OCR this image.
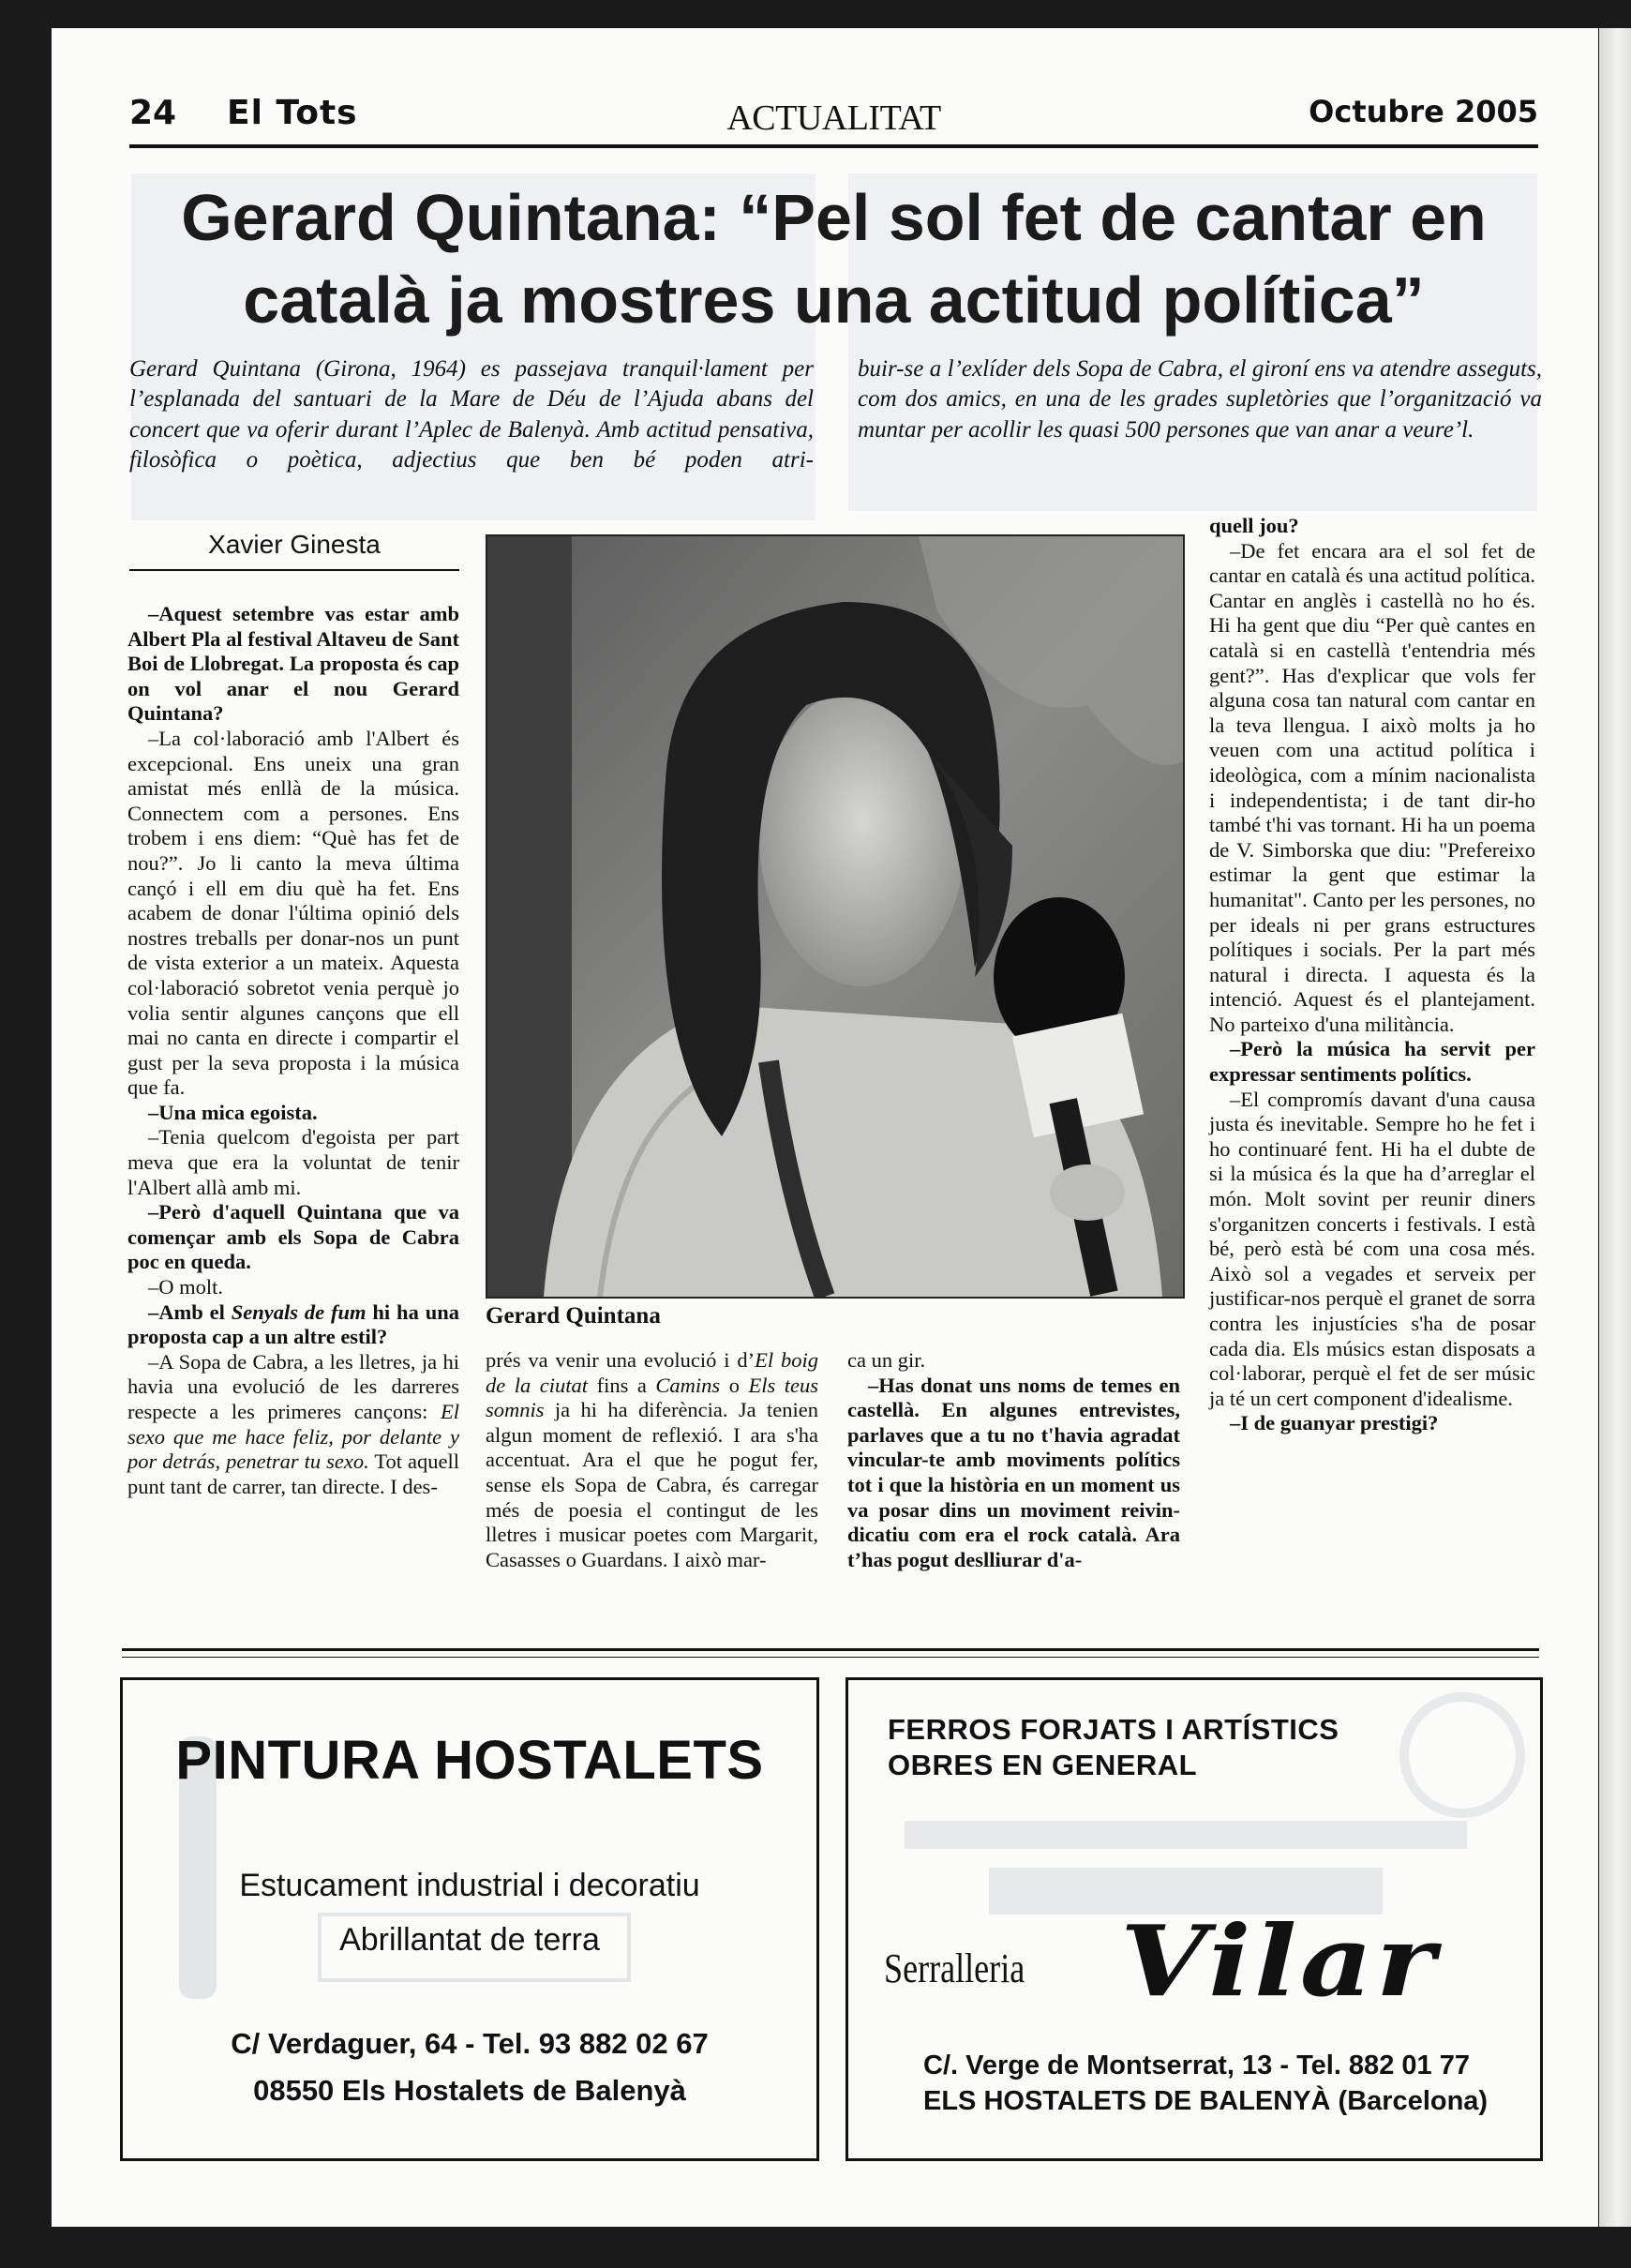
24 El Tots	ACTUALITAT	Octubre 2005
Gerard Quintana: “Pel sol fet de cantar en
català ja mostres una actitud política”

Gerard Quintana (Girona, 1964) es passejava tranquil·lament per l’esplanada del santuari de la Mare de Déu de l’Ajuda abans del concert que va oferir durant l’Aplec de Balenyà. Amb actitud pensativa, filosòfica o poètica, adjectius que ben bé poden atri-

buir-se a l’exlíder dels Sopa de Cabra, el gironí ens va atendre asseguts, com dos amics, en una de les grades supletòries que l’organització va muntar per acollir les quasi 500 persones que van anar a veure’l.

Xavier Ginesta
–Aquest setembre vas estar amb Albert Pla al festival Altaveu de Sant Boi de Llobregat. La proposta és cap on vol anar el nou Gerard Quintana?

–La col·laboració amb l'Albert és excepcional. Ens uneix una gran amistat més enllà de la música. Connectem com a persones. Ens trobem i ens diem: “Què has fet de nou?”. Jo li canto la meva última cançó i ell em diu què ha fet. Ens acabem de donar l'última opinió dels nostres treballs per donar-nos un punt de vista exterior a un mateix. Aquesta col·laboració sobretot venia perquè jo volia sentir algunes cançons que ell mai no canta en directe i compartir el gust per la seva proposta i la música que fa.

–Una mica egoista.

–Tenia quelcom d'egoista per part meva que era la voluntat de tenir l'Albert allà amb mi.

–Però d'aquell Quintana que va començar amb els Sopa de Cabra poc en queda.

–O molt.

–Amb el Senyals de fum hi ha una proposta cap a un altre estil?

–A Sopa de Cabra, a les lletres, ja hi havia una evolució de les darreres respecte a les primeres cançons: El sexo que me hace feliz, por delante y por detrás, penetrar tu sexo. Tot aquell punt tant de carrer, tan directe. I des-

Gerard Quintana

prés va venir una evolució i d’El boig de la ciutat fins a Camins o Els teus somnis ja hi ha diferència. Ja tenien algun moment de reflexió. I ara s'ha accentuat. Ara el que he pogut fer, sense els Sopa de Cabra, és carregar més de poesia el contingut de les lletres i musicar poetes com Margarit, Casasses o Guardans. I això mar-

ca un gir.

–Has donat uns noms de temes en castellà. En algunes entrevistes, parlaves que a tu no t'havia agradat vincular-te amb moviments polítics tot i que la història en un moment us va posar dins un moviment reivindicatiu com era el rock català. Ara t’has pogut deslliurar d'a-
quell jou?

–De fet encara ara el sol fet de cantar en català és una actitud política. Cantar en anglès i castellà no ho és. Hi ha gent que diu “Per què cantes en català si en castellà t'entendria més gent?”. Has d'explicar que vols fer alguna cosa tan natural com cantar en la teva llengua. I això molts ja ho veuen com una actitud política i ideològica, com a mínim nacionalista i independentista; i de tant dir-ho també t'hi vas tornant. Hi ha un poema de V. Simborska que diu: "Prefereixo estimar la gent que estimar la humanitat". Canto per les persones, no per ideals ni per grans estructures polítiques i socials. Per la part més natural i directa. I aquesta és la intenció. Aquest és el plantejament. No parteixo d'una militància.

–Però la música ha servit per expressar sentiments polítics.

–El compromís davant d'una causa justa és inevitable. Sempre ho he fet i ho continuaré fent. Hi ha el dubte de si la música és la que ha d’arreglar el món. Molt sovint per reunir diners s'organitzen concerts i festivals. I està bé, però està bé com una cosa més. Això sol a vegades et serveix per justificar-nos perquè el granet de sorra contra les injustícies s'ha de posar cada dia. Els músics estan disposats a col·laborar, perquè el fet de ser músic ja té un cert component d'idealisme.

–I de guanyar prestigi?
PINTURA HOSTALETS
Estucament industrial i decoratiu
Abrillantat de terra
C/ Verdaguer, 64 - Tel. 93 882 02 67
08550 Els Hostalets de Balenyà
FERROS FORJATS I ARTÍSTICS
OBRES EN GENERAL
Serralleria Vilar
C/. Verge de Montserrat, 13 - Tel. 882 01 77
ELS HOSTALETS DE BALENYÀ (Barcelona)
